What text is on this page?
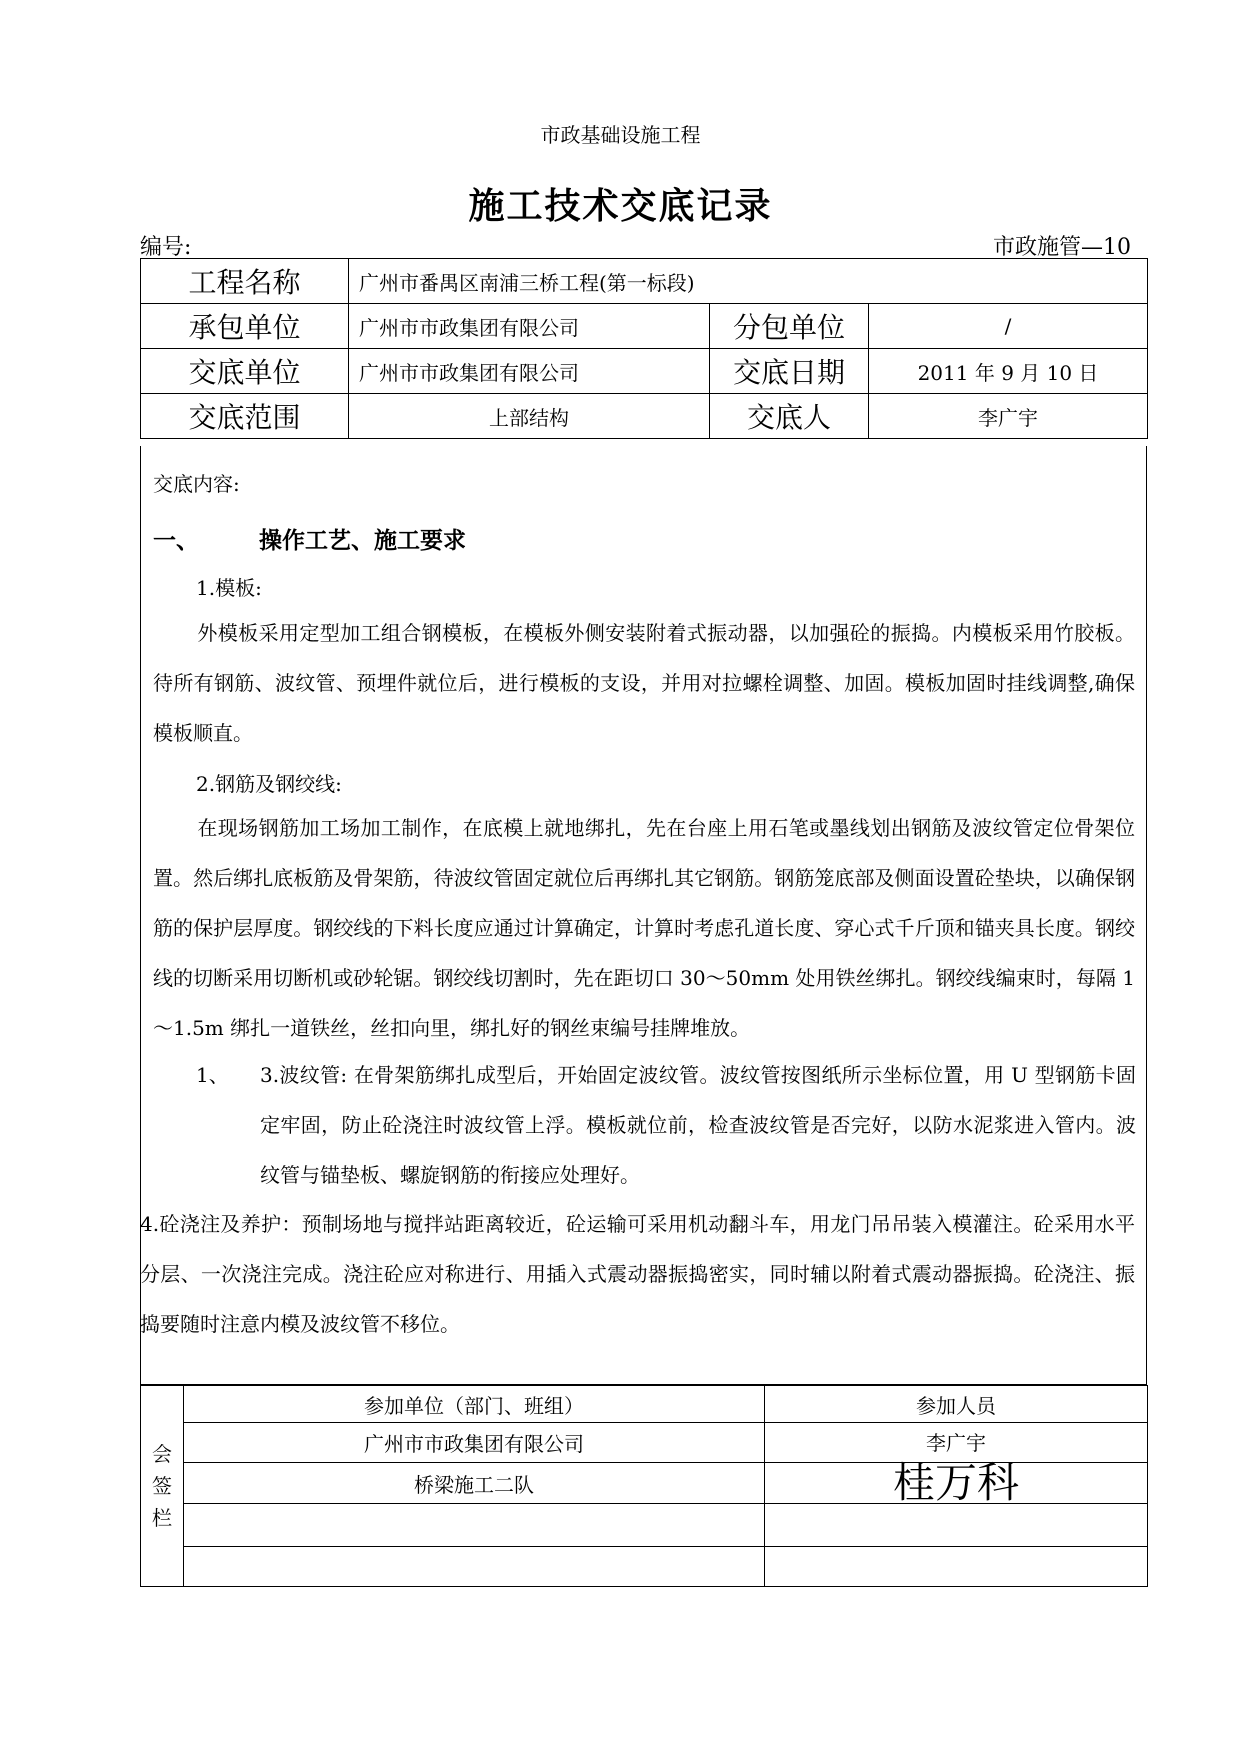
市政基础设施工程
施工技术交底记录
编号:	市政施管—10
工程名称	广州市番禺区南浦三桥工程(第一标段)		
承包单位	广州市市政集团有限公司	分包单位	/
交底单位	广州市市政集团有限公司	交底日期	2011 年 9 月 10 日
交底范围	上部结构	交底人	李广宇
交底内容:
一、	操作工艺、施工要求
1.模板:
外模板采用定型加工组合钢模板，在模板外侧安装附着式振动器，以加强砼的振捣。内模板采用竹胶板。待所有钢筋、波纹管、预埋件就位后，进行模板的支设，并用对拉螺栓调整、加固。模板加固时挂线调整,确保模板顺直。
2.钢筋及钢绞线:
在现场钢筋加工场加工制作，在底模上就地绑扎，先在台座上用石笔或墨线划出钢筋及波纹管定位骨架位置。然后绑扎底板筋及骨架筋，待波纹管固定就位后再绑扎其它钢筋。钢筋笼底部及侧面设置砼垫块，以确保钢筋的保护层厚度。钢绞线的下料长度应通过计算确定，计算时考虑孔道长度、穿心式千斤顶和锚夹具长度。钢绞线的切断采用切断机或砂轮锯。钢绞线切割时，先在距切口 30～50mm 处用铁丝绑扎。钢绞线编束时，每隔 1～1.5m 绑扎一道铁丝，丝扣向里，绑扎好的钢丝束编号挂牌堆放。
1、 3.波纹管: 在骨架筋绑扎成型后，开始固定波纹管。波纹管按图纸所示坐标位置，用 U 型钢筋卡固定牢固，防止砼浇注时波纹管上浮。模板就位前，检查波纹管是否完好，以防水泥浆进入管内。波纹管与锚垫板、螺旋钢筋的衔接应处理好。
4.砼浇注及养护：预制场地与搅拌站距离较近，砼运输可采用机动翻斗车，用龙门吊吊装入模灌注。砼采用水平分层、一次浇注完成。浇注砼应对称进行、用插入式震动器振捣密实，同时辅以附着式震动器振捣。砼浇注、振捣要随时注意内模及波纹管不移位。
会签栏	参加单位（部门、班组）	参加人员
	广州市市政集团有限公司	李广宇
	桥梁施工二队	桂万科
